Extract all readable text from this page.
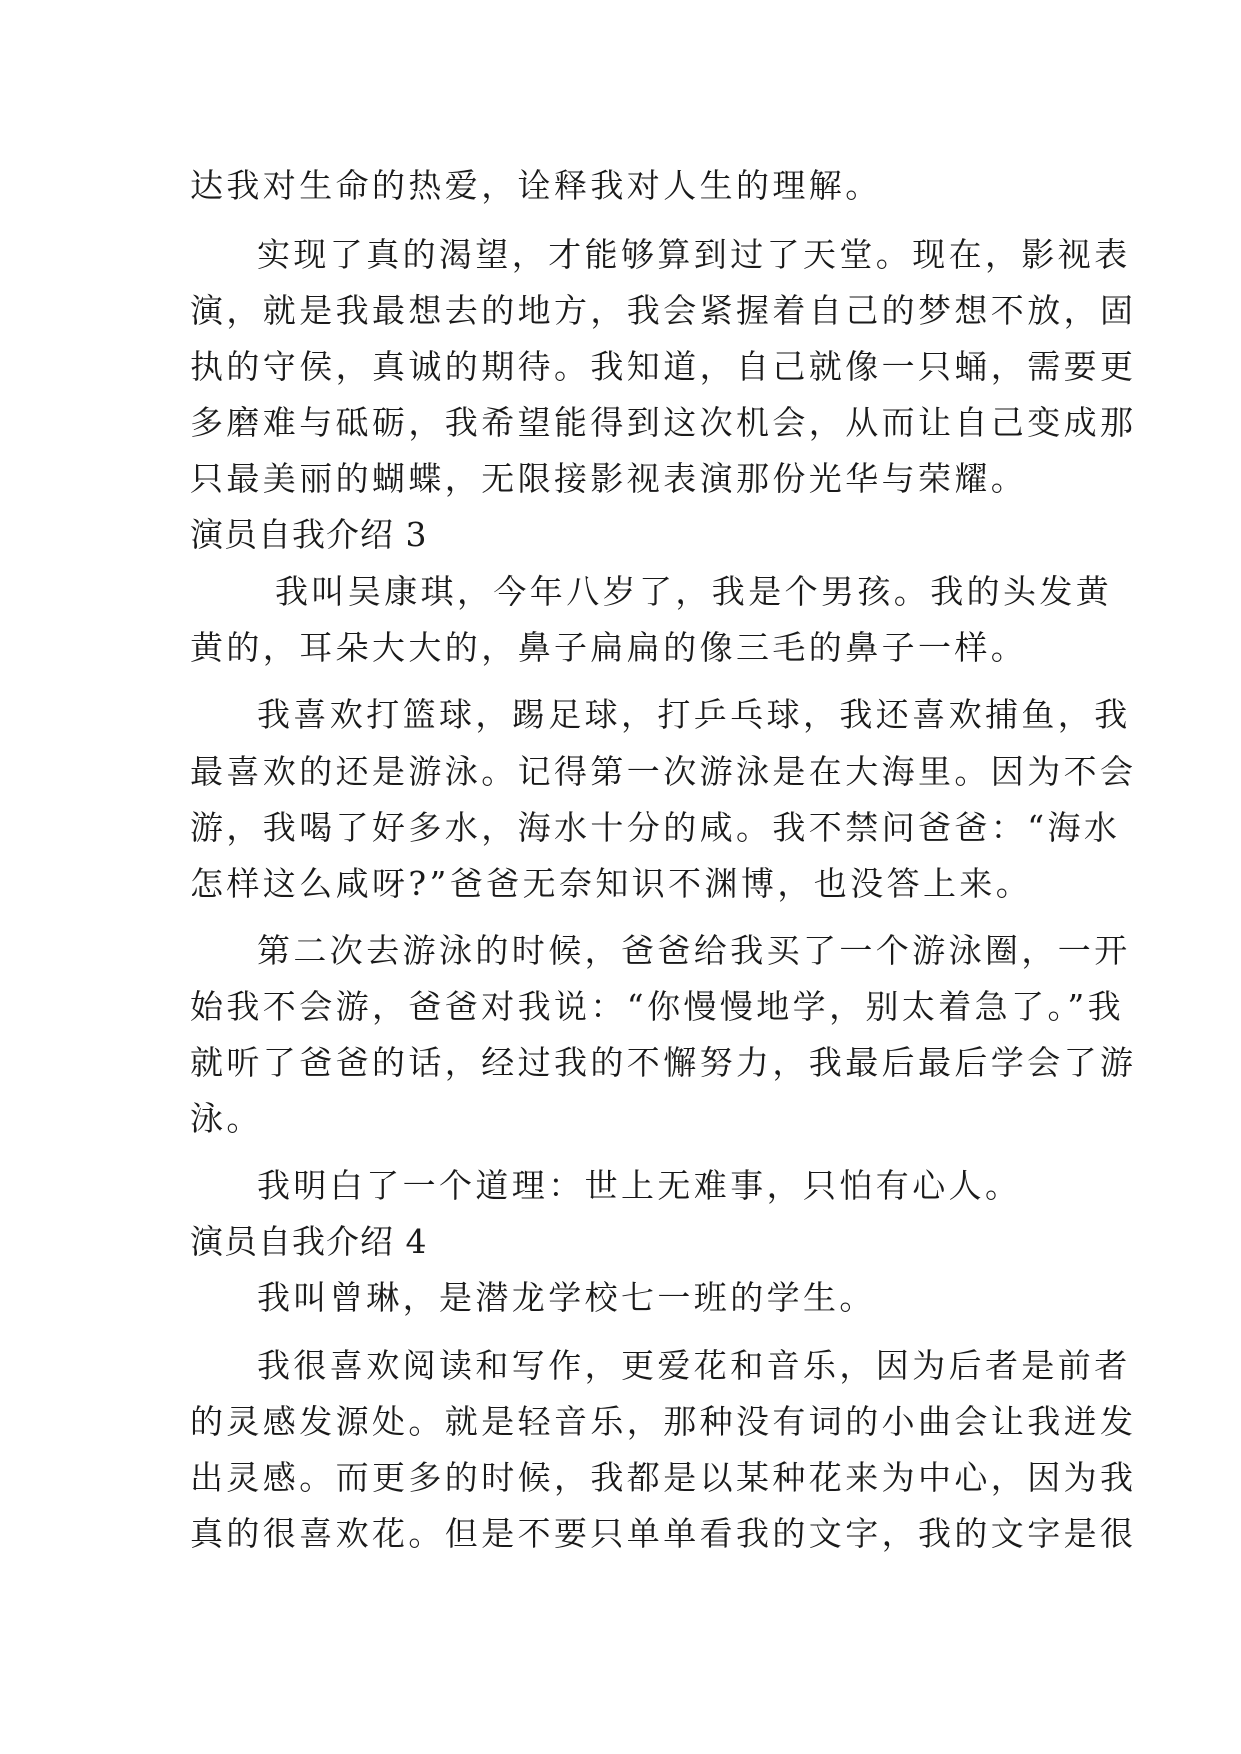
达我对生命的热爱，诠释我对人生的理解。
实现了真的渴望，才能够算到过了天堂。现在，影视表
演，就是我最想去的地方，我会紧握着自己的梦想不放，固
执的守侯，真诚的期待。我知道，自己就像一只蛹，需要更
多磨难与砥砺，我希望能得到这次机会，从而让自己变成那
只最美丽的蝴蝶，无限接影视表演那份光华与荣耀。
演员自我介绍 3
我叫吴康琪，今年八岁了，我是个男孩。我的头发黄
黄的，耳朵大大的，鼻子扁扁的像三毛的鼻子一样。
我喜欢打篮球，踢足球，打乒乓球，我还喜欢捕鱼，我
最喜欢的还是游泳。记得第一次游泳是在大海里。因为不会
游，我喝了好多水，海水十分的咸。我不禁问爸爸：“海水
怎样这么咸呀?”爸爸无奈知识不渊博，也没答上来。
第二次去游泳的时候，爸爸给我买了一个游泳圈，一开
始我不会游，爸爸对我说：“你慢慢地学，别太着急了。”我
就听了爸爸的话，经过我的不懈努力，我最后最后学会了游
泳。
我明白了一个道理：世上无难事，只怕有心人。
演员自我介绍 4
我叫曾琳，是潜龙学校七一班的学生。
我很喜欢阅读和写作，更爱花和音乐，因为后者是前者
的灵感发源处。就是轻音乐，那种没有词的小曲会让我迸发
出灵感。而更多的时候，我都是以某种花来为中心，因为我
真的很喜欢花。但是不要只单单看我的文字，我的文字是很
